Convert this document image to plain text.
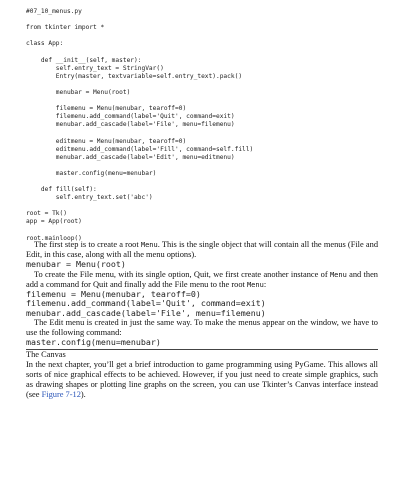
#07_10_menus.py
from tkinter import *
class App:
def __init__(self, master):
self.entry_text = StringVar()
Entry(master, textvariable=self.entry_text).pack()
menubar = Menu(root)
filemenu = Menu(menubar, tearoff=0)
filemenu.add_command(label='Quit', command=exit)
menubar.add_cascade(label='File', menu=filemenu)
editmenu = Menu(menubar, tearoff=0)
editmenu.add_command(label='Fill', command=self.fill)
menubar.add_cascade(label='Edit', menu=editmenu)
master.config(menu=menubar)
def fill(self):
self.entry_text.set('abc')
root = Tk()
app = App(root)
root.mainloop()

The first step is to create a root Menu. This is the single object that will contain all the menus (File and Edit, in this case, along with all the menu options).

menubar = Menu(root)

To create the File menu, with its single option, Quit, we first create another instance of Menu and then add a command for Quit and finally add the File menu to the root Menu:

filemenu = Menu(menubar, tearoff=0)
filemenu.add_command(label='Quit', command=exit)
menubar.add_cascade(label='File', menu=filemenu)

The Edit menu is created in just the same way. To make the menus appear on the window, we have to use the following command:

master.config(menu=menubar)

The Canvas

In the next chapter, you’ll get a brief introduction to game programming using PyGame. This allows all sorts of nice graphical effects to be achieved. However, if you just need to create simple graphics, such as drawing shapes or plotting line graphs on the screen, you can use Tkinter’s Canvas interface instead (see Figure 7-12).
